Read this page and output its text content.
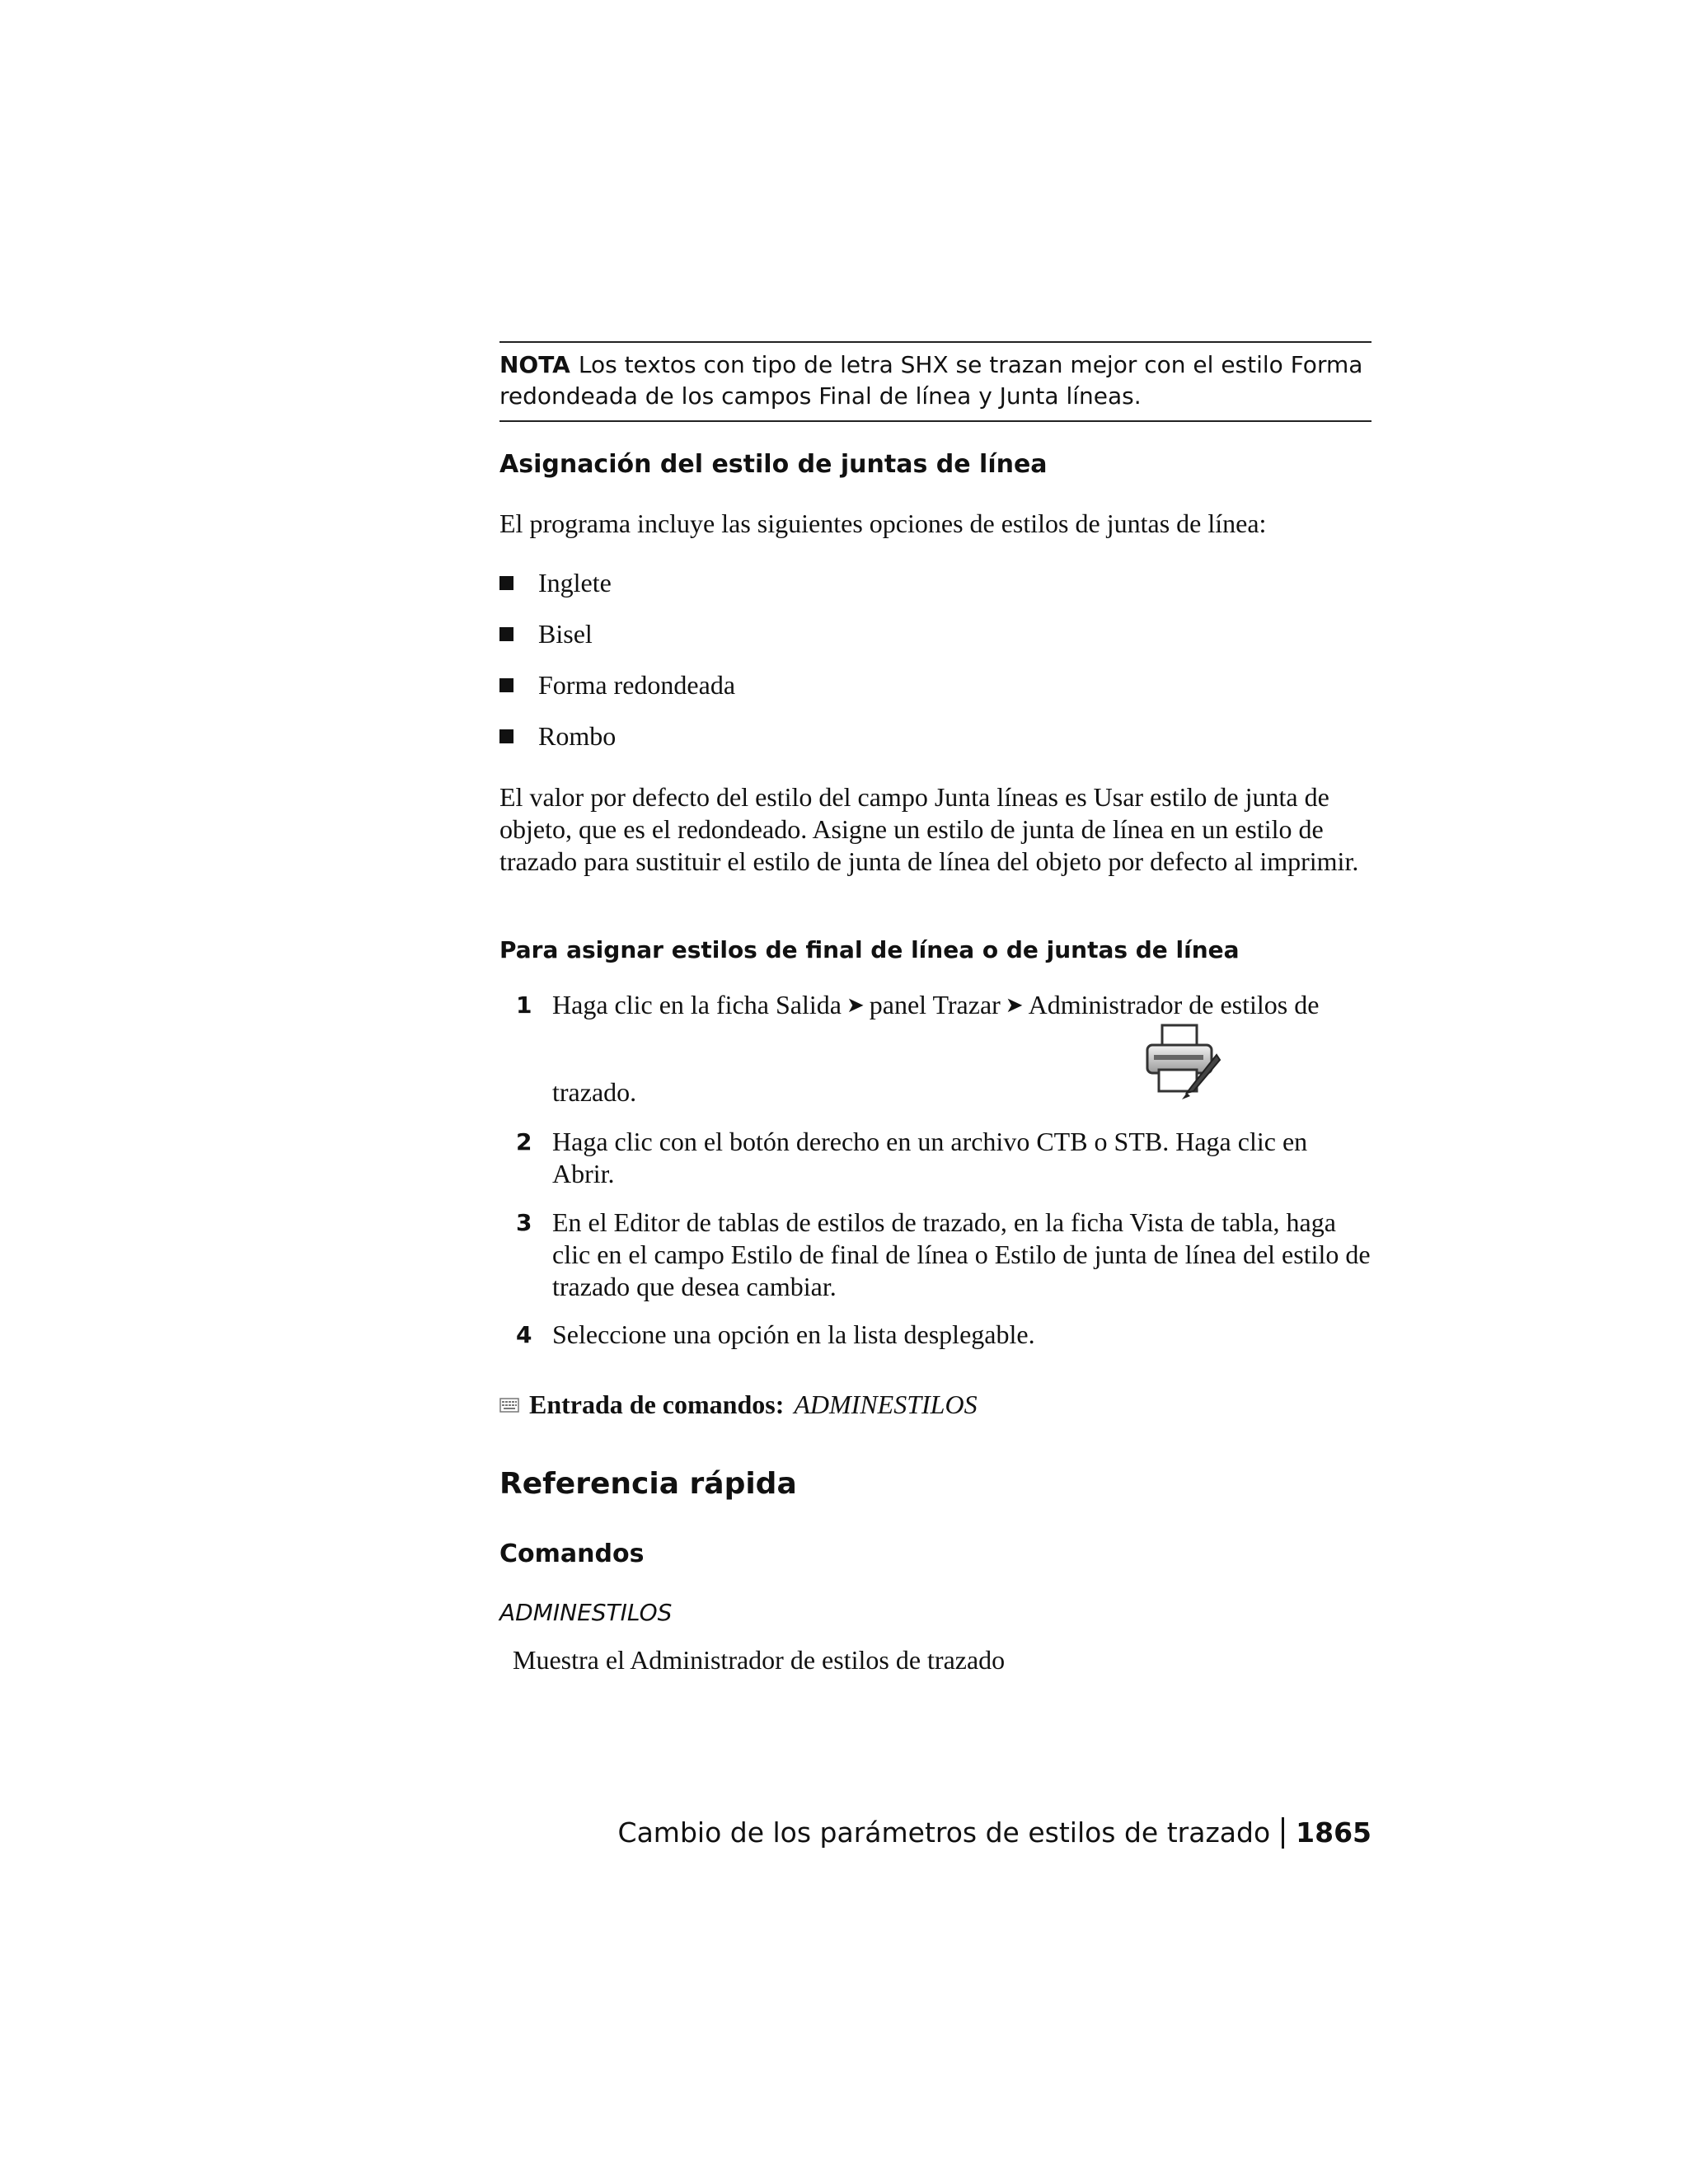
NOTA Los textos con tipo de letra SHX se trazan mejor con el estilo Forma redondeada de los campos Final de línea y Junta líneas.
Asignación del estilo de juntas de línea
El programa incluye las siguientes opciones de estilos de juntas de línea:
Inglete
Bisel
Forma redondeada
Rombo
El valor por defecto del estilo del campo Junta líneas es Usar estilo de junta de objeto, que es el redondeado. Asigne un estilo de junta de línea en un estilo de trazado para sustituir el estilo de junta de línea del objeto por defecto al imprimir.
Para asignar estilos de final de línea o de juntas de línea
1 Haga clic en la ficha Salida ➤ panel Trazar ➤ Administrador de estilos de
trazado.
2 Haga clic con el botón derecho en un archivo CTB o STB. Haga clic en Abrir.
3 En el Editor de tablas de estilos de trazado, en la ficha Vista de tabla, haga clic en el campo Estilo de final de línea o Estilo de junta de línea del estilo de trazado que desea cambiar.
4 Seleccione una opción en la lista desplegable.
Entrada de comandos: ADMINESTILOS
Referencia rápida
Comandos
ADMINESTILOS
Muestra el Administrador de estilos de trazado
Cambio de los parámetros de estilos de trazado 1865
